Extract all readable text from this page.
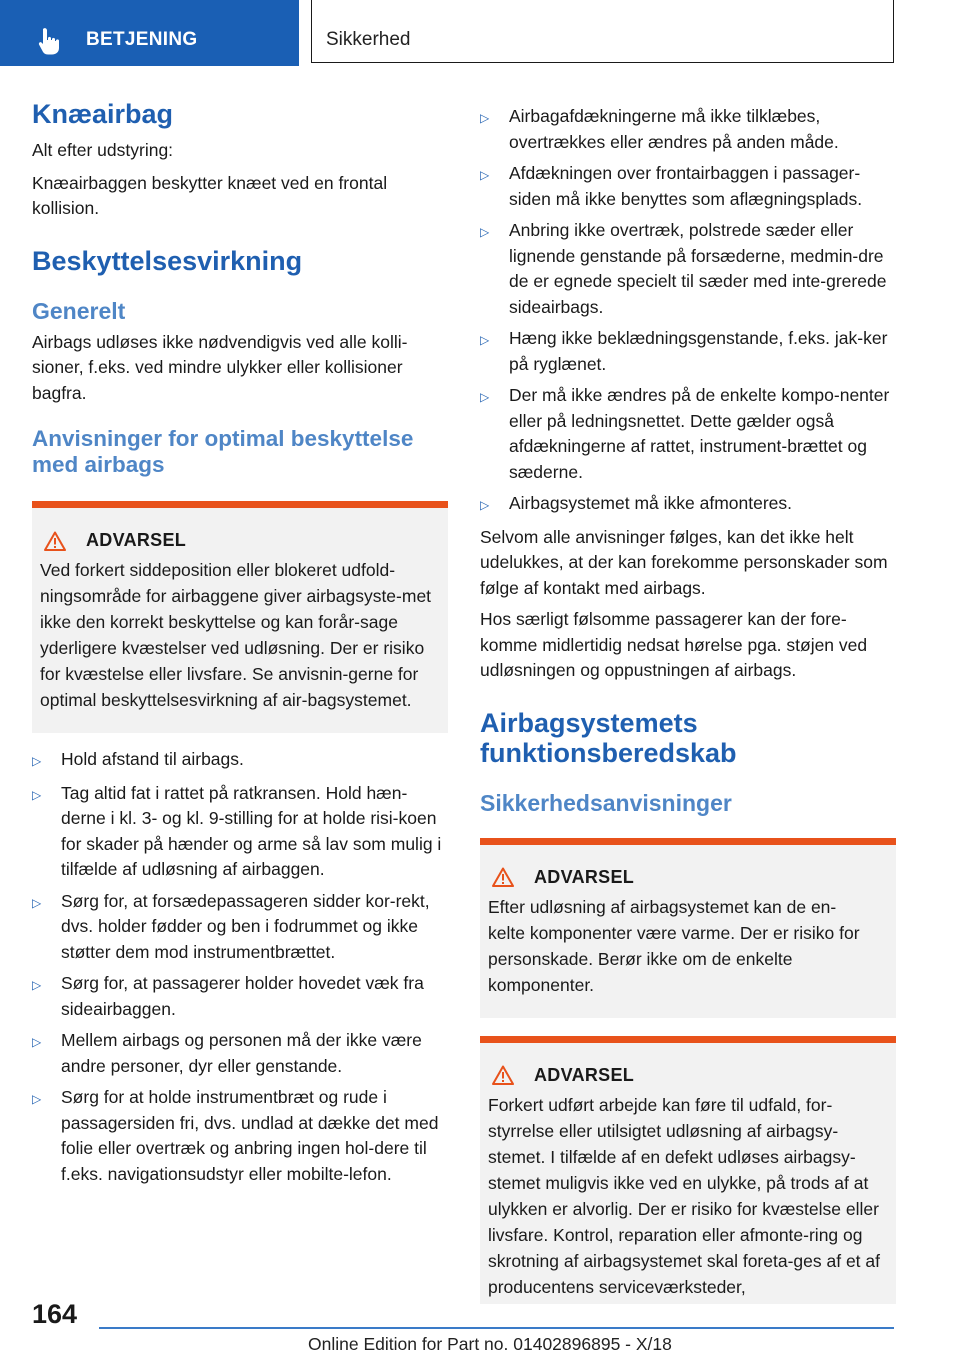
BETJENING	Sikkerhed
Knæairbag

Alt efter udstyring:

Knæairbaggen beskytter knæet ved en frontal kollision.

Beskyttelsesvirkning
Generelt

Airbags udløses ikke nødvendigvis ved alle kolli-sioner, f.eks. ved mindre ulykker eller kollisioner bagfra.

Anvisninger for optimal beskyttelse med airbags
ADVARSEL

Ved forkert siddeposition eller blokeret udfold-ningsområde for airbaggene giver airbagsyste-met ikke den korrekt beskyttelse og kan forår-sage yderligere kvæstelser ved udløsning. Der er risiko for kvæstelse eller livsfare. Se anvisnin-gerne for optimal beskyttelsesvirkning af air-bagsystemet.

▷	Hold afstand til airbags.
▷	Tag altid fat i rattet på ratkransen. Hold hæn-derne i kl. 3- og kl. 9-stilling for at holde risi-koen for skader på hænder og arme så lav som mulig i tilfælde af udløsning af airbaggen.
▷	Sørg for, at forsædepassageren sidder kor-rekt, dvs. holder fødder og ben i fodrummet og ikke støtter dem mod instrumentbrættet.
▷	Sørg for, at passagerer holder hovedet væk fra sideairbaggen.
▷	Mellem airbags og personen må der ikke være andre personer, dyr eller genstande.
▷	Sørg for at holde instrumentbræt og rude i passagersiden fri, dvs. undlad at dække det med folie eller overtræk og anbring ingen hol-dere til f.eks. navigationsudstyr eller mobilte-lefon.
▷	Airbagafdækningerne må ikke tilklæbes, overtrækkes eller ændres på anden måde.
▷	Afdækningen over frontairbaggen i passager-siden må ikke benyttes som aflægningsplads.
▷	Anbring ikke overtræk, polstrede sæder eller lignende genstande på forsæderne, medmin-dre de er egnede specielt til sæder med inte-grerede sideairbags.
▷	Hæng ikke beklædningsgenstande, f.eks. jak-ker på ryglænet.
▷	Der må ikke ændres på de enkelte kompo-nenter eller på ledningsnettet. Dette gælder også afdækningerne af rattet, instrument-brættet og sæderne.
▷	Airbagsystemet må ikke afmonteres.

Selvom alle anvisninger følges, kan det ikke helt udelukkes, at der kan forekomme personskader som følge af kontakt med airbags.

Hos særligt følsomme passagerer kan der fore-komme midlertidig nedsat hørelse pga. støjen ved udløsningen og oppustningen af airbags.

Airbagsystemets funktionsberedskab
Sikkerhedsanvisninger
ADVARSEL

Efter udløsning af airbagsystemet kan de en-kelte komponenter være varme. Der er risiko for personskade. Berør ikke om de enkelte komponenter.

ADVARSEL

Forkert udført arbejde kan føre til udfald, for-styrrelse eller utilsigtet udløsning af airbagsy-stemet. I tilfælde af en defekt udløses airbagsy-stemet muligvis ikke ved en ulykke, på trods af at ulykken er alvorlig. Der er risiko for kvæstelse eller livsfare. Kontrol, reparation eller afmonte-ring og skrotning af airbagsystemet skal foreta-ges af et af producentens serviceværksteder,

164
Online Edition for Part no. 01402896895 - X/18
